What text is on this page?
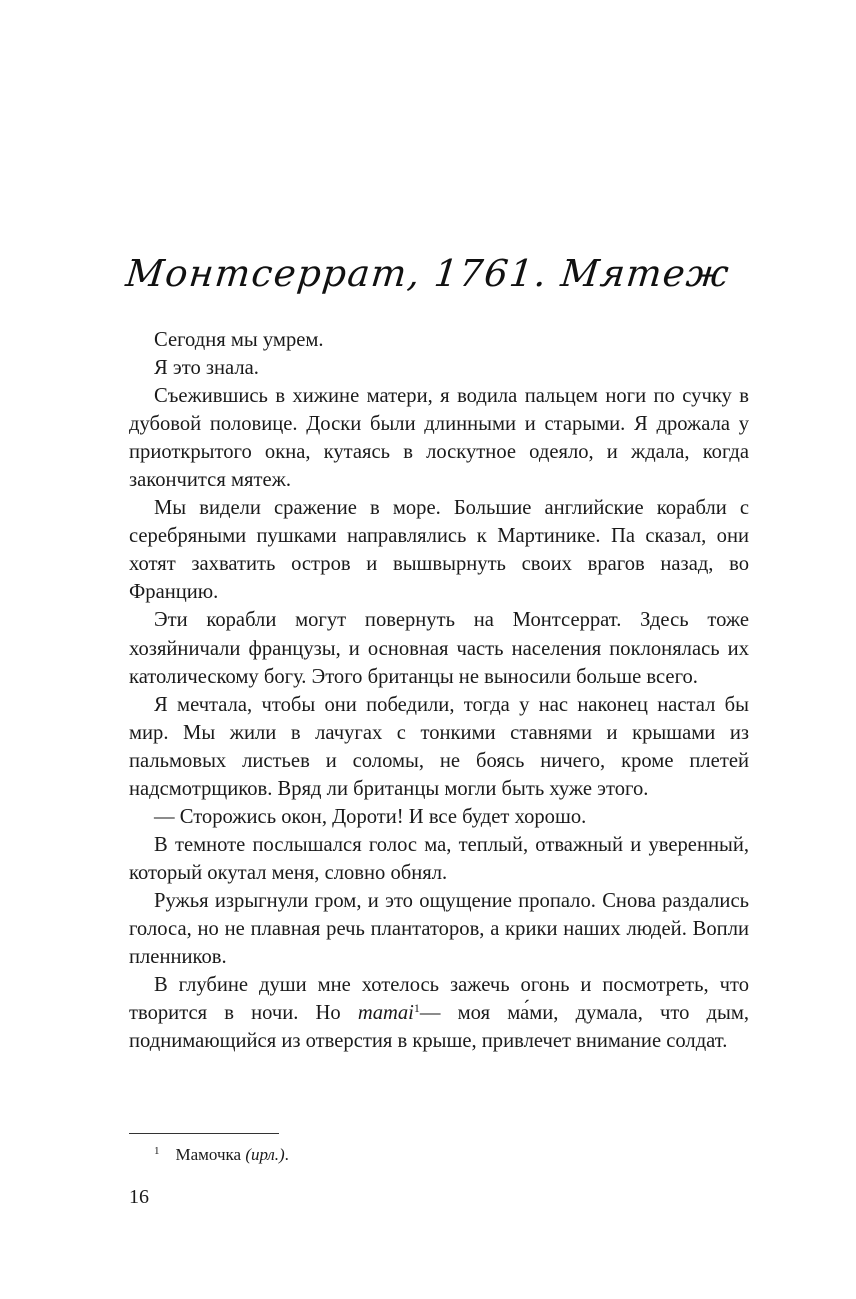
Монтсеррат, 1761. Мятеж

Сегодня мы умрем.

Я это знала.

Съежившись в хижине матери, я водила пальцем ноги по сучку в дубовой половице. Доски были длинными и старыми. Я дрожала у приоткрытого окна, кутаясь в лоскутное одеяло, и ждала, когда закончится мятеж.

Мы видели сражение в море. Большие английские корабли с серебряными пушками направлялись к Мартинике. Па сказал, они хотят захватить остров и вышвырнуть своих врагов назад, во Францию.

Эти корабли могут повернуть на Монтсеррат. Здесь тоже хозяйничали французы, и основная часть населения поклонялась их католическому богу. Этого британцы не выносили больше всего.

Я мечтала, чтобы они победили, тогда у нас наконец настал бы мир. Мы жили в лачугах с тонкими ставнями и крышами из пальмовых листьев и соломы, не боясь ничего, кроме плетей надсмотрщиков. Вряд ли британцы могли быть хуже этого.

— Сторожись окон, Дороти! И все будет хорошо.

В темноте послышался голос ма, теплый, отважный и уверенный, который окутал меня, словно обнял.

Ружья изрыгнули гром, и это ощущение пропало. Снова раздались голоса, но не плавная речь плантаторов, а крики наших людей. Вопли пленников.

В глубине души мне хотелось зажечь огонь и посмотреть, что творится в ночи. Но mamai$^1$— моя ма́ми, думала, что дым, поднимающийся из отверстия в крыше, привлечет внимание солдат.

$^1$ Мамочка (ирл.).
16
